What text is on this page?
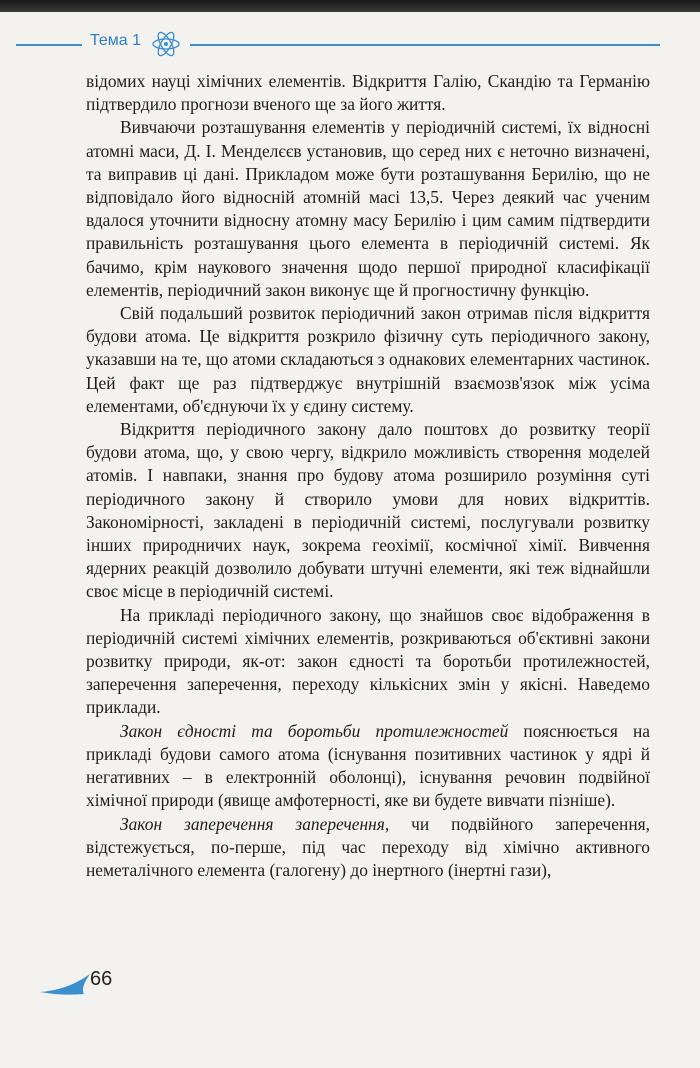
Тема 1

відомих науці хімічних елементів. Відкриття Галію, Скандію та Германію підтвердило прогнози вченого ще за його життя.

Вивчаючи розташування елементів у періодичній системі, їх відносні атомні маси, Д. І. Менделєєв установив, що серед них є неточно визначені, та виправив ці дані. Прикладом може бути розташування Берилію, що не відповідало його відносній атомній масі 13,5. Через деякий час ученим вдалося уточнити відносну атомну масу Берилію і цим самим підтвердити правильність розташування цього елемента в періодичній системі. Як бачимо, крім наукового значення щодо першої природної класифікації елементів, періодичний закон виконує ще й прогностичну функцію.

Свій подальший розвиток періодичний закон отримав після відкриття будови атома. Це відкриття розкрило фізичну суть періодичного закону, указавши на те, що атоми складаються з однакових елементарних частинок. Цей факт ще раз підтверджує внутрішній взаємозв'язок між усіма елементами, об'єднуючи їх у єдину систему.

Відкриття періодичного закону дало поштовх до розвитку теорії будови атома, що, у свою чергу, відкрило можливість створення моделей атомів. І навпаки, знання про будову атома розширило розуміння суті періодичного закону й створило умови для нових відкриттів. Закономірності, закладені в періодичній системі, послугували розвитку інших природничих наук, зокрема геохімії, космічної хімії. Вивчення ядерних реакцій дозволило добувати штучні елементи, які теж віднайшли своє місце в періодичній системі.

На прикладі періодичного закону, що знайшов своє відображення в періодичній системі хімічних елементів, розкриваються об'єктивні закони розвитку природи, як-от: закон єдності та боротьби протилежностей, заперечення заперечення, переходу кількісних змін у якісні. Наведемо приклади.

Закон єдності та боротьби протилежностей пояснюється на прикладі будови самого атома (існування позитивних частинок у ядрі й негативних – в електронній оболонці), існування речовин подвійної хімічної природи (явище амфотерності, яке ви будете вивчати пізніше).

Закон заперечення заперечення, чи подвійного заперечення, відстежується, по-перше, під час переходу від хімічно активного неметалічного елемента (галогену) до інертного (інертні гази),

66
